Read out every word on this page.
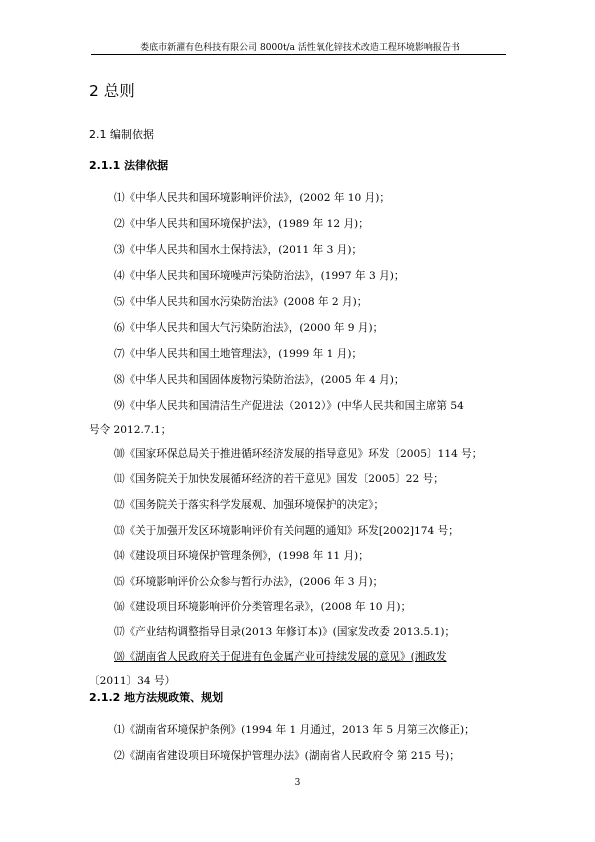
娄底市新濯有色科技有限公司 8000t/a 活性氧化锌技术改造工程环境影响报告书
2 总则
2.1 编制依据
2.1.1 法律依据
⑴《中华人民共和国环境影响评价法》，(2002 年 10 月)；
⑵《中华人民共和国环境保护法》，(1989 年 12 月)；
⑶《中华人民共和国水土保持法》，(2011 年 3 月)；
⑷《中华人民共和国环境噪声污染防治法》，(1997 年 3 月)；
⑸《中华人民共和国水污染防治法》(2008 年 2 月)；
⑹《中华人民共和国大气污染防治法》，(2000 年 9 月)；
⑺《中华人民共和国土地管理法》，(1999 年 1 月)；
⑻《中华人民共和国固体废物污染防治法》，(2005 年 4 月)；
⑼《中华人民共和国清洁生产促进法（2012）》(中华人民共和国主席第 54
号令 2012.7.1；
⑽《国家环保总局关于推进循环经济发展的指导意见》环发〔2005〕114 号；
⑾《国务院关于加快发展循环经济的若干意见》国发〔2005〕22 号；
⑿《国务院关于落实科学发展观、加强环境保护的决定》；
⒀《关于加强开发区环境影响评价有关问题的通知》环发[2002]174 号；
⒁《建设项目环境保护管理条例》，(1998 年 11 月)；
⒂《环境影响评价公众参与暂行办法》，(2006 年 3 月)；
⒃《建设项目环境影响评价分类管理名录》，(2008 年 10 月)；
⒄《产业结构调整指导目录(2013 年修订本)》(国家发改委 2013.5.1)；
⒅《湖南省人民政府关于促进有色金属产业可持续发展的意见》(湘政发
〔2011〕34 号）
2.1.2 地方法规政策、规划
⑴《湖南省环境保护条例》(1994 年 1 月通过，2013 年 5 月第三次修正)；
⑵《湖南省建设项目环境保护管理办法》(湖南省人民政府令 第 215 号)；
3
